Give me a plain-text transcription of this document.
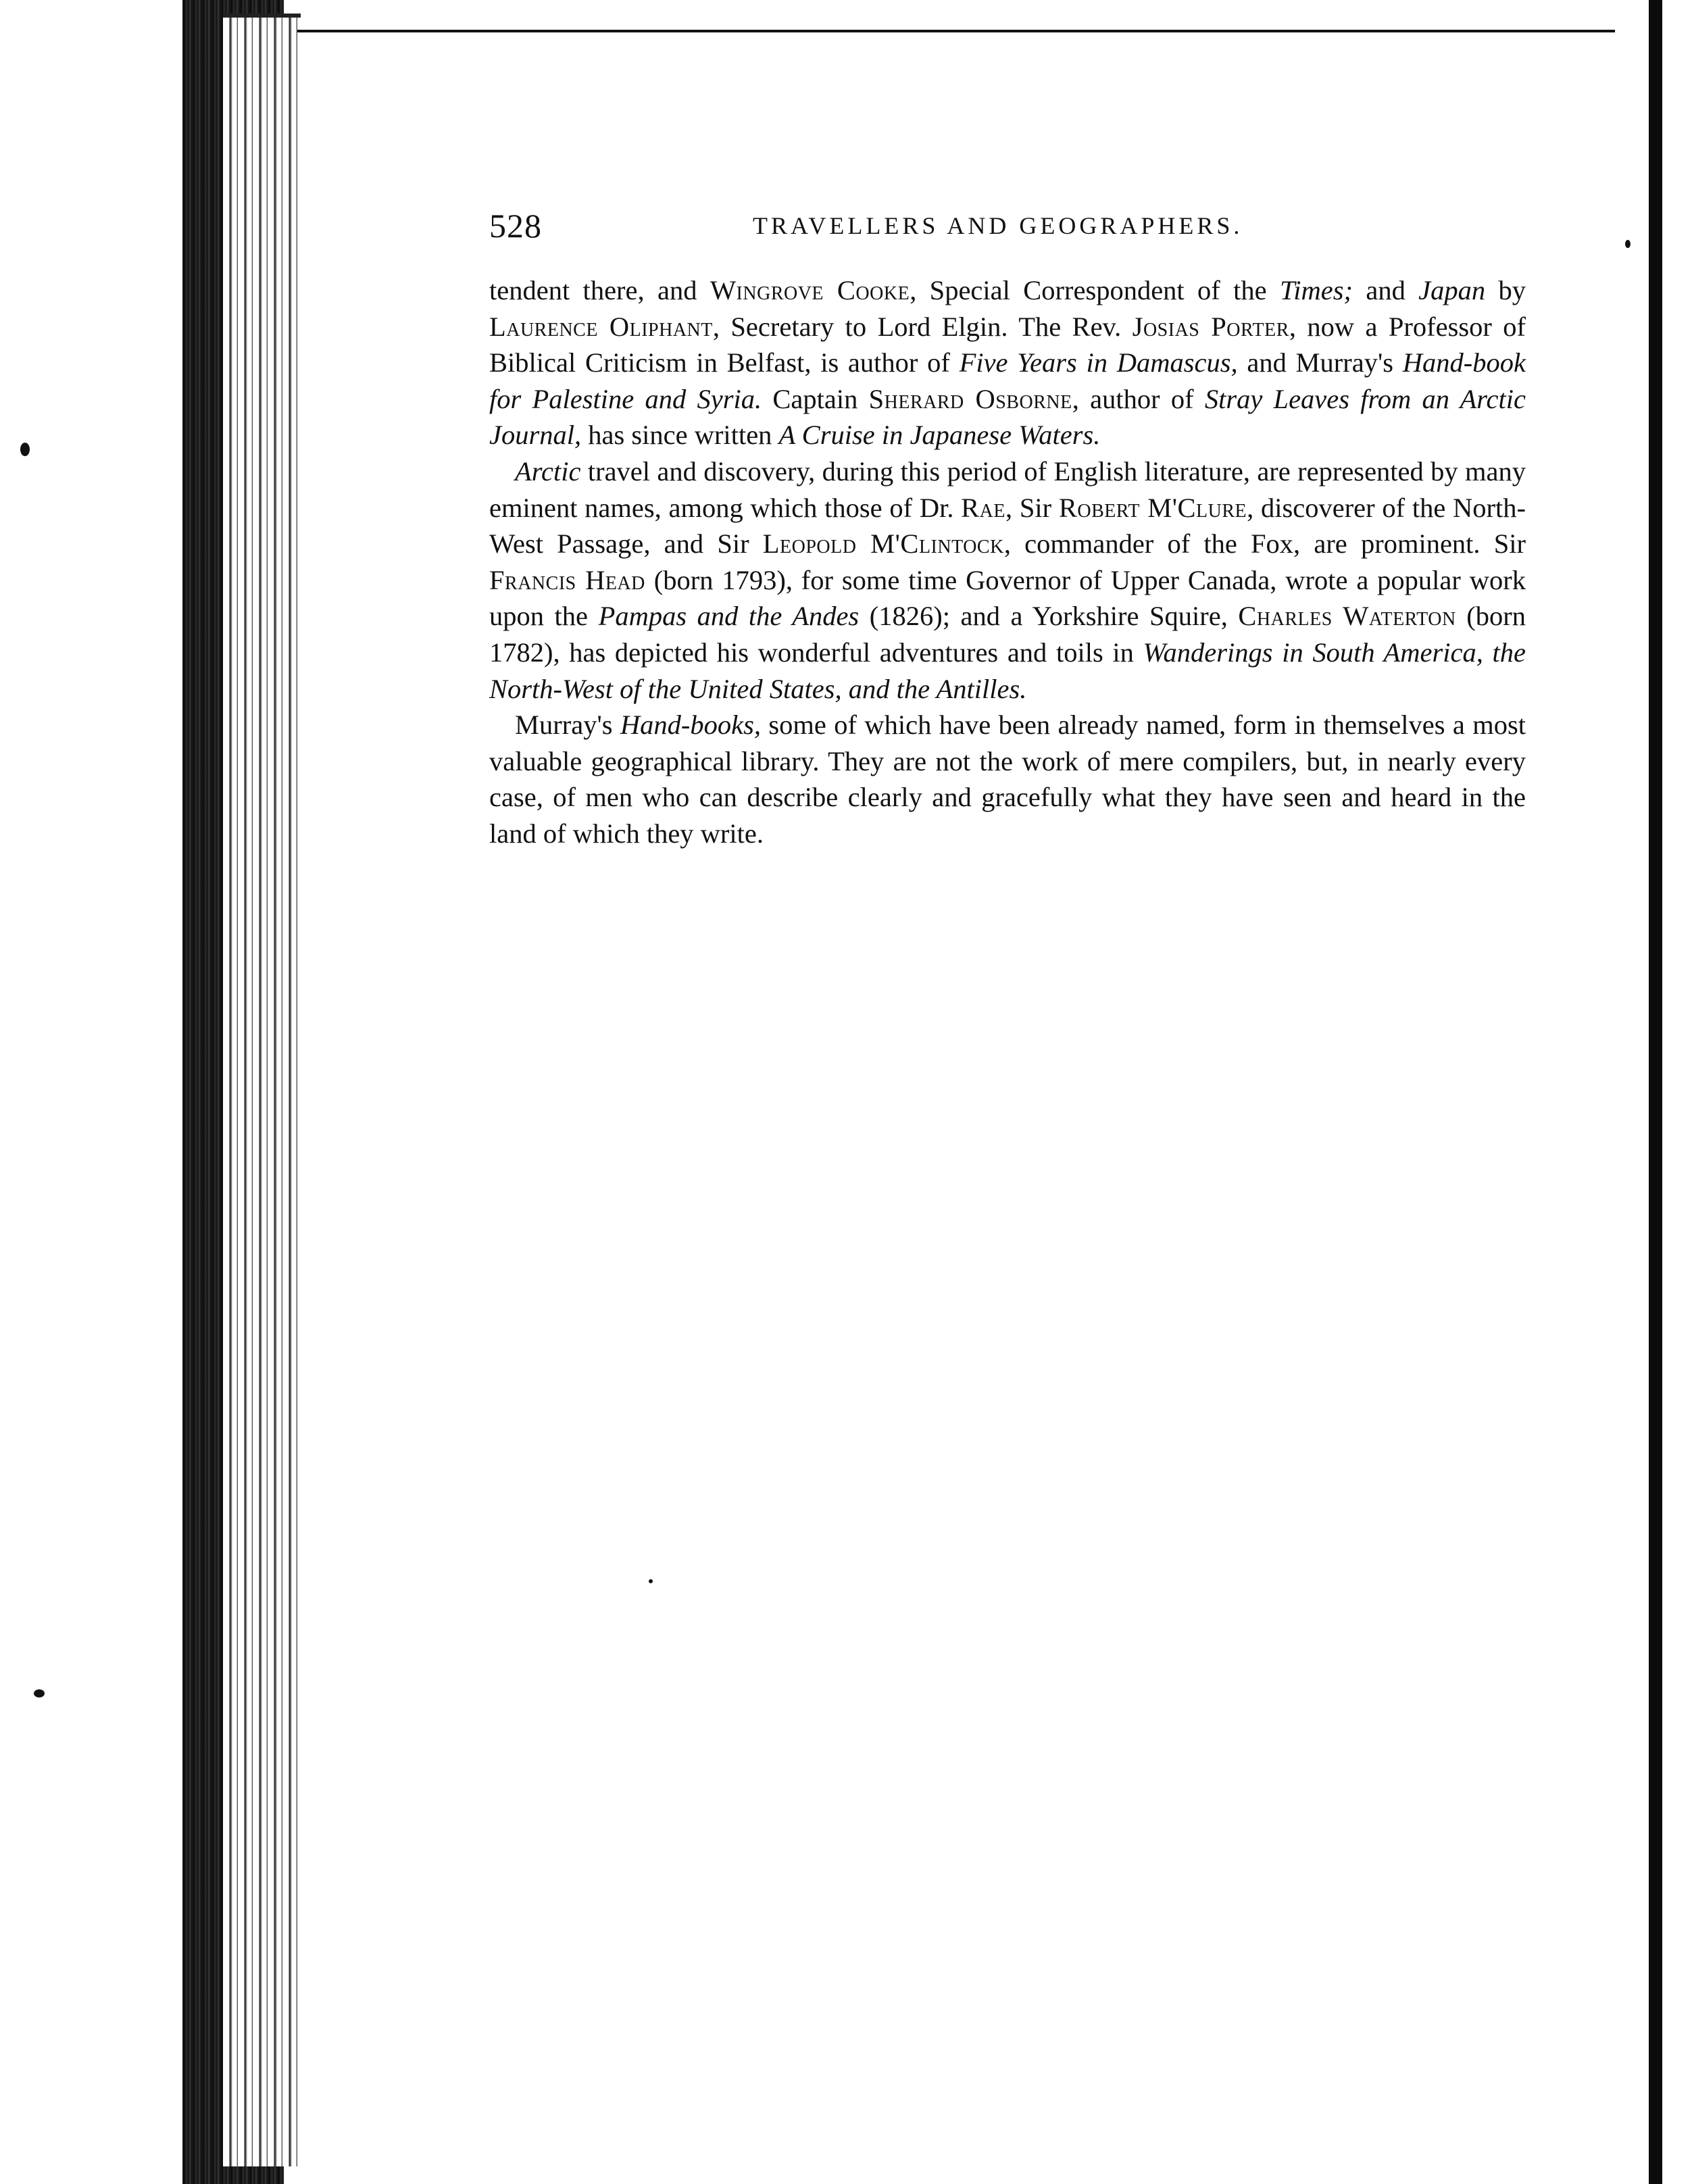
528	TRAVELLERS AND GEOGRAPHERS.

tendent there, and Wingrove Cooke, Special Correspondent of the Times; and Japan by Laurence Oliphant, Secretary to Lord Elgin. The Rev. Josias Porter, now a Professor of Biblical Criticism in Belfast, is author of Five Years in Damascus, and Murray's Hand-book for Palestine and Syria. Captain Sherard Osborne, author of Stray Leaves from an Arctic Journal, has since written A Cruise in Japanese Waters.

Arctic travel and discovery, during this period of English literature, are represented by many eminent names, among which those of Dr. Rae, Sir Robert M'Clure, discoverer of the North-West Passage, and Sir Leopold M'Clintock, commander of the Fox, are prominent. Sir Francis Head (born 1793), for some time Governor of Upper Canada, wrote a popular work upon the Pampas and the Andes (1826); and a Yorkshire Squire, Charles Waterton (born 1782), has depicted his wonderful adventures and toils in Wanderings in South America, the North-West of the United States, and the Antilles.

Murray's Hand-books, some of which have been already named, form in themselves a most valuable geographical library. They are not the work of mere compilers, but, in nearly every case, of men who can describe clearly and gracefully what they have seen and heard in the land of which they write.
